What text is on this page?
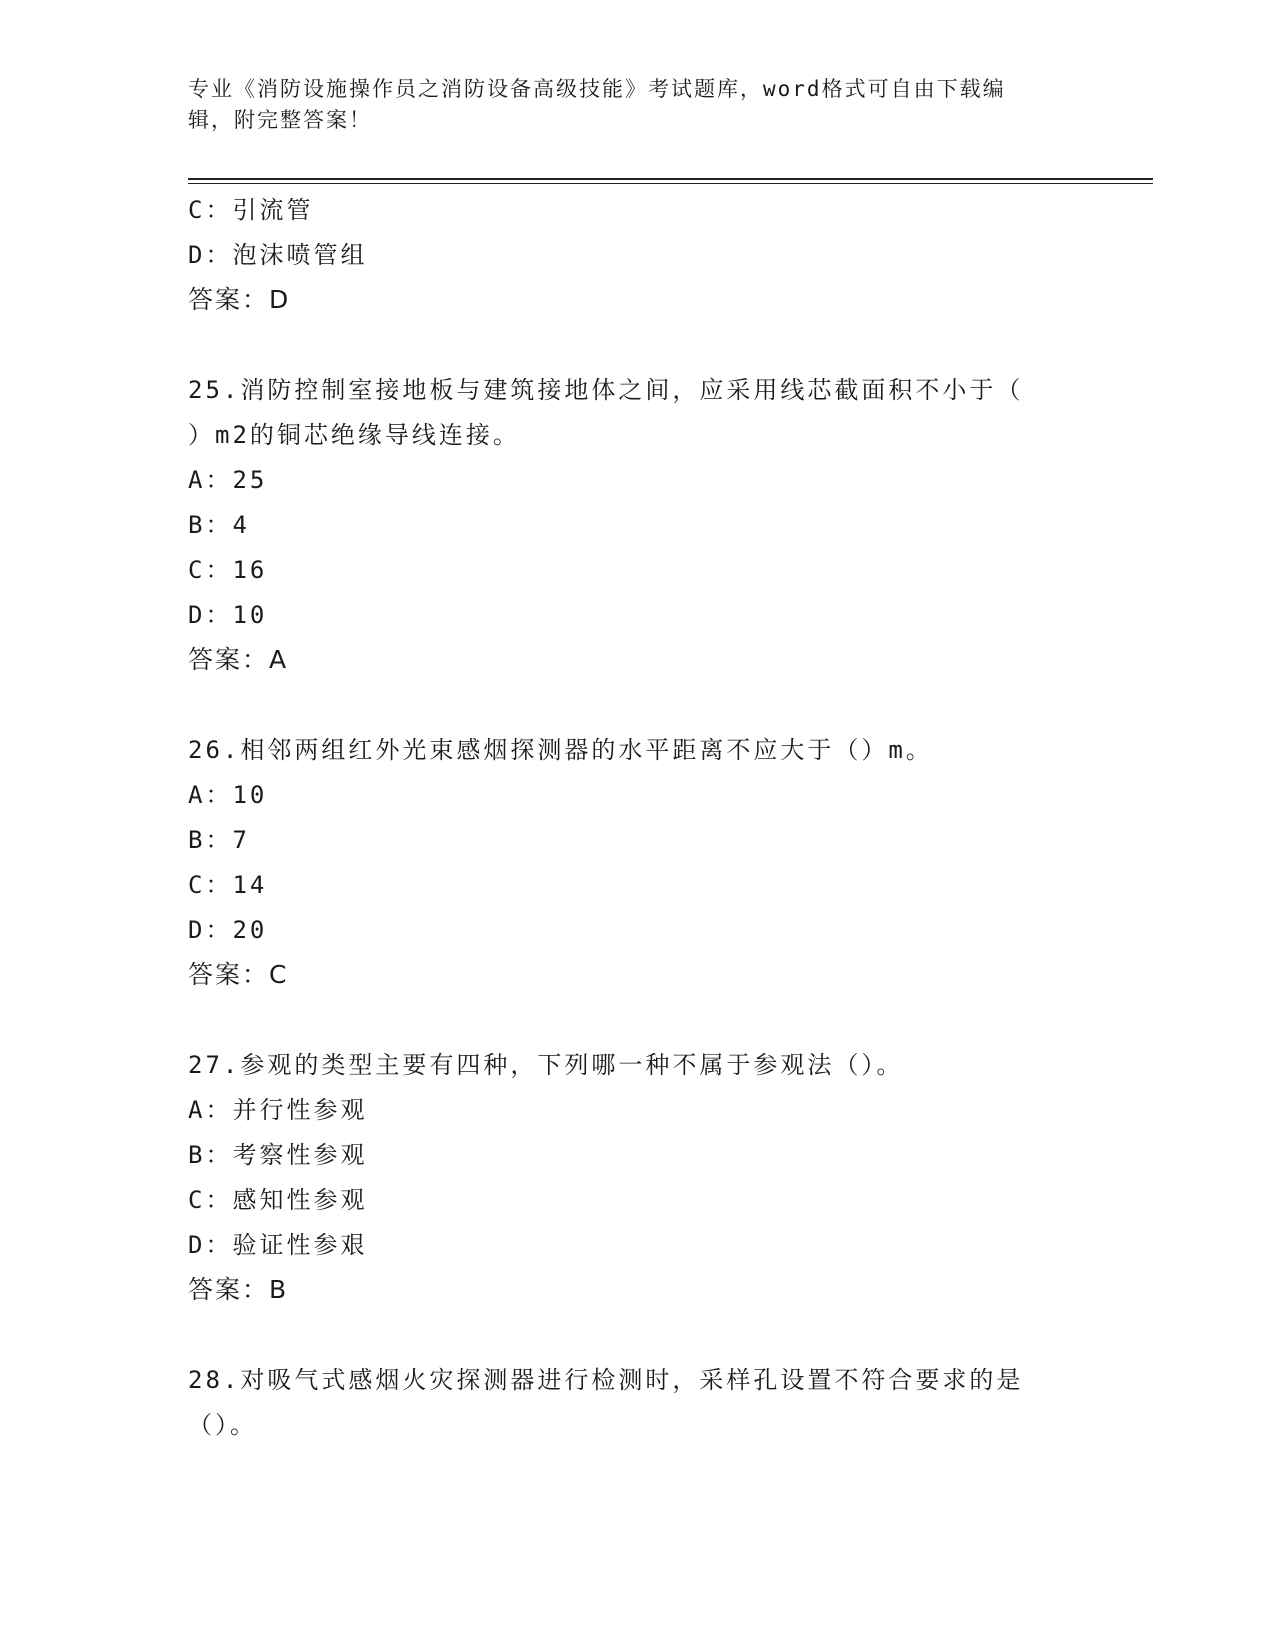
专业《消防设施操作员之消防设备高级技能》考试题库，word格式可自由下载编
辑，附完整答案！
C：引流管
D：泡沫喷管组
答案：D
25.消防控制室接地板与建筑接地体之间，应采用线芯截面积不小于（
）m2的铜芯绝缘导线连接。
A：25
B：4
C：16
D：10
答案：A
26.相邻两组红外光束感烟探测器的水平距离不应大于（）m。
A：10
B：7
C：14
D：20
答案：C
27.参观的类型主要有四种，下列哪一种不属于参观法（）。
A：并行性参观
B：考察性参观
C：感知性参观
D：验证性参艰
答案：B
28.对吸气式感烟火灾探测器进行检测时，采样孔设置不符合要求的是
（）。
